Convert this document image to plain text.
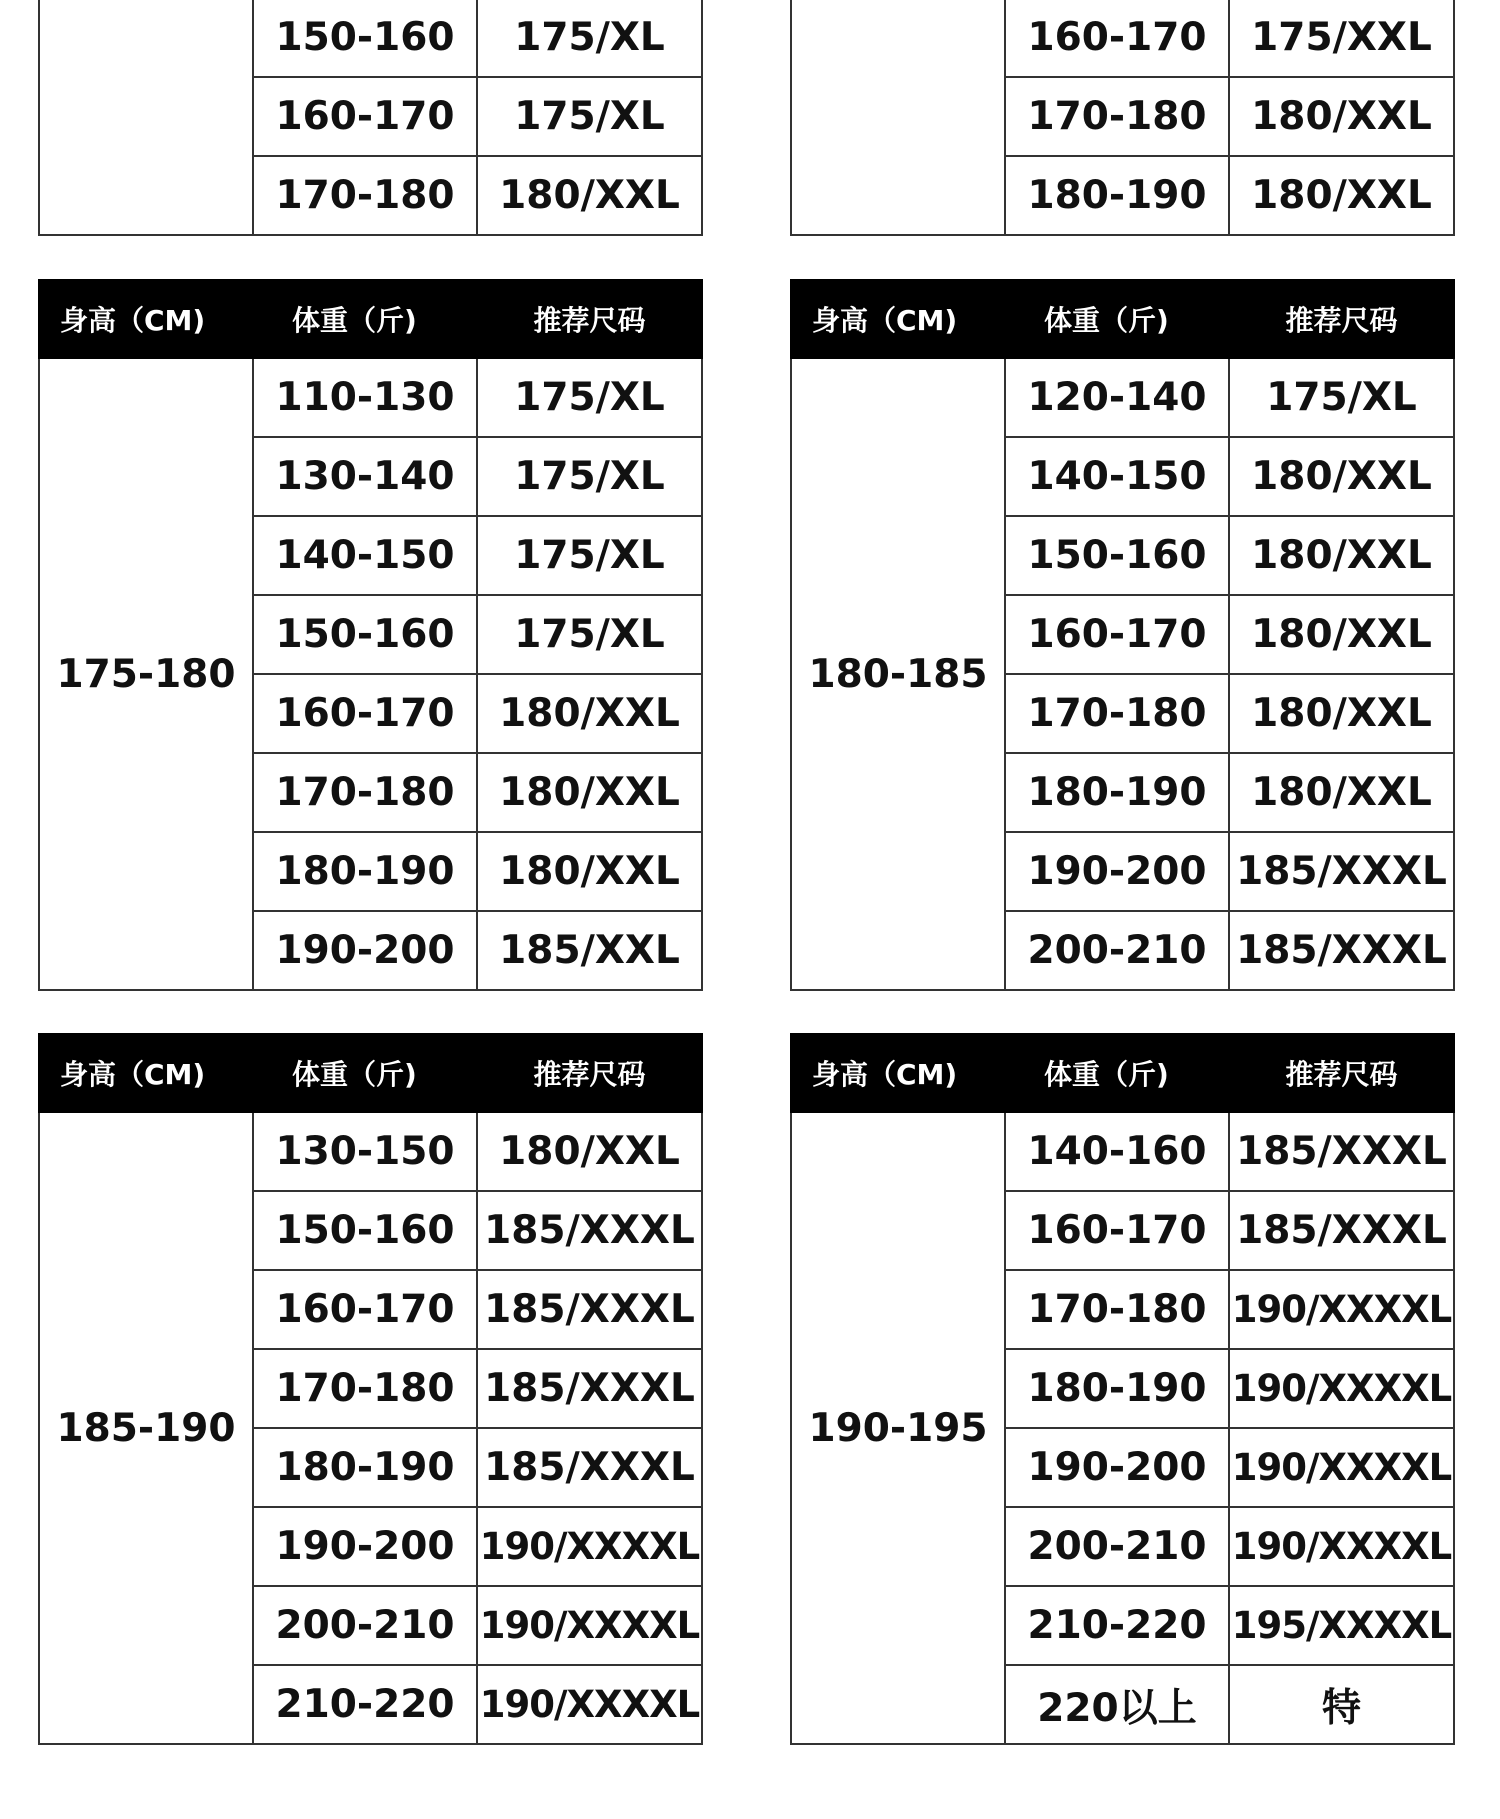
	150-160	175/XL
	160-170	175/XL
	170-180	180/XXL
	160-170	175/XXL
	170-180	180/XXL
	180-190	180/XXL
身高（CM)	体重（斤)	推荐尺码
175-180	110-130	175/XL
	130-140	175/XL
	140-150	175/XL
	150-160	175/XL
	160-170	180/XXL
	170-180	180/XXL
	180-190	180/XXL
	190-200	185/XXL
身高（CM)	体重（斤)	推荐尺码
180-185	120-140	175/XL
	140-150	180/XXL
	150-160	180/XXL
	160-170	180/XXL
	170-180	180/XXL
	180-190	180/XXL
	190-200	185/XXXL
	200-210	185/XXXL
身高（CM)	体重（斤)	推荐尺码
185-190	130-150	180/XXL
	150-160	185/XXXL
	160-170	185/XXXL
	170-180	185/XXXL
	180-190	185/XXXL
	190-200	190/XXXXL
	200-210	190/XXXXL
	210-220	190/XXXXL
身高（CM)	体重（斤)	推荐尺码
190-195	140-160	185/XXXL
	160-170	185/XXXL
	170-180	190/XXXXL
	180-190	190/XXXXL
	190-200	190/XXXXL
	200-210	190/XXXXL
	210-220	195/XXXXL
	220以上	特
